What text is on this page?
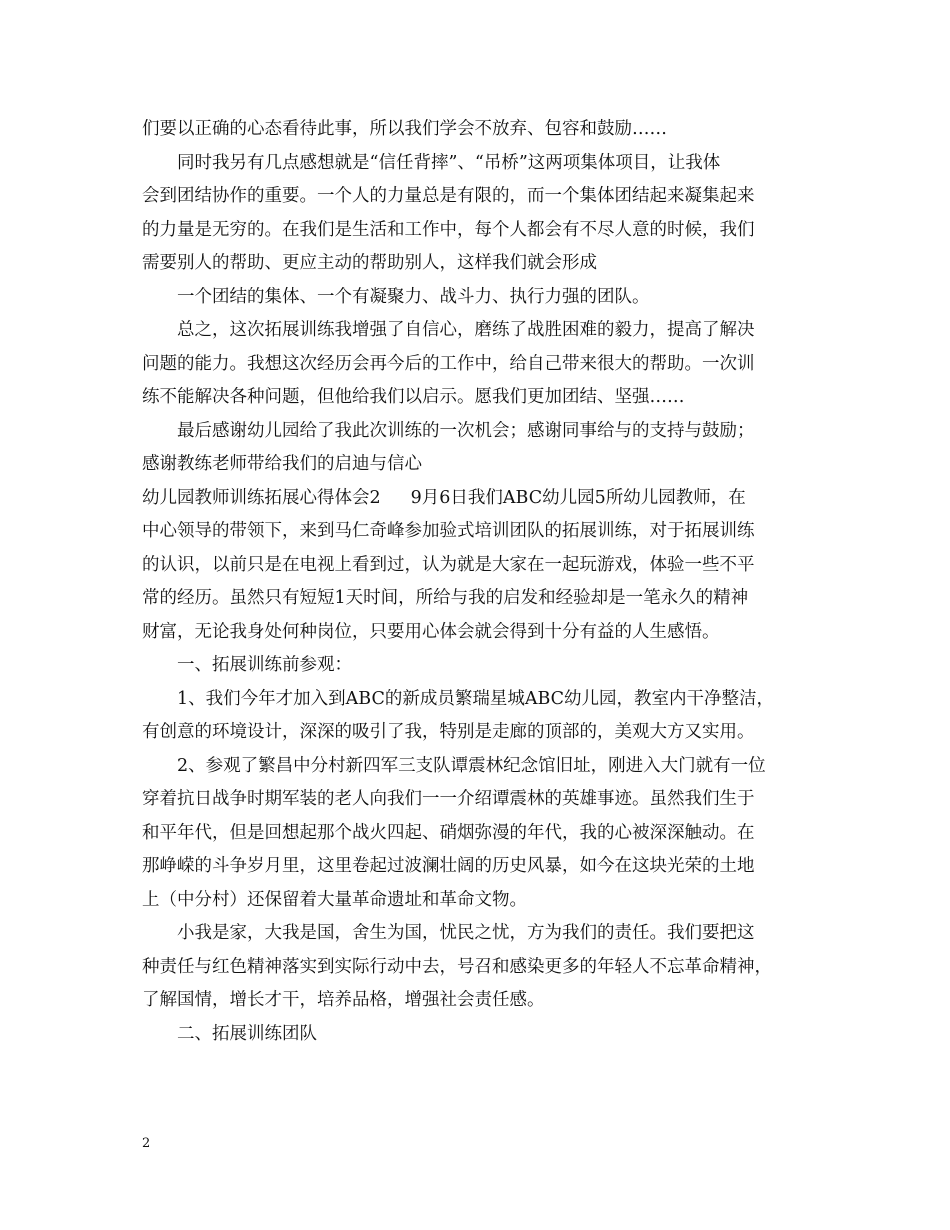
们要以正确的心态看待此事，所以我们学会不放弃、包容和鼓励……
同时我另有几点感想就是“信任背摔”、“吊桥”这两项集体项目，让我体
会到团结协作的重要。一个人的力量总是有限的，而一个集体团结起来凝集起来
的力量是无穷的。在我们是生活和工作中，每个人都会有不尽人意的时候，我们
需要别人的帮助、更应主动的帮助别人，这样我们就会形成
一个团结的集体、一个有凝聚力、战斗力、执行力强的团队。
总之，这次拓展训练我增强了自信心，磨练了战胜困难的毅力，提高了解决
问题的能力。我想这次经历会再今后的工作中，给自己带来很大的帮助。一次训
练不能解决各种问题，但他给我们以启示。愿我们更加团结、坚强……
最后感谢幼儿园给了我此次训练的一次机会；感谢同事给与的支持与鼓励；
感谢教练老师带给我们的启迪与信心
幼儿园教师训练拓展心得体会2 9月6日我们ABC幼儿园5所幼儿园教师，在
中心领导的带领下，来到马仁奇峰参加验式培训团队的拓展训练，对于拓展训练
的认识，以前只是在电视上看到过，认为就是大家在一起玩游戏，体验一些不平
常的经历。虽然只有短短1天时间，所给与我的启发和经验却是一笔永久的精神
财富，无论我身处何种岗位，只要用心体会就会得到十分有益的人生感悟。
一、拓展训练前参观：
1、我们今年才加入到ABC的新成员繁瑞星城ABC幼儿园，教室内干净整洁，
有创意的环境设计，深深的吸引了我，特别是走廊的顶部的，美观大方又实用。
2、参观了繁昌中分村新四军三支队谭震林纪念馆旧址，刚进入大门就有一位
穿着抗日战争时期军装的老人向我们一一介绍谭震林的英雄事迹。虽然我们生于
和平年代，但是回想起那个战火四起、硝烟弥漫的年代，我的心被深深触动。在
那峥嵘的斗争岁月里，这里卷起过波澜壮阔的历史风暴，如今在这块光荣的土地
上（中分村）还保留着大量革命遗址和革命文物。
小我是家，大我是国，舍生为国，忧民之忧，方为我们的责任。我们要把这
种责任与红色精神落实到实际行动中去，号召和感染更多的年轻人不忘革命精神，
了解国情，增长才干，培养品格，增强社会责任感。
二、拓展训练团队
2
